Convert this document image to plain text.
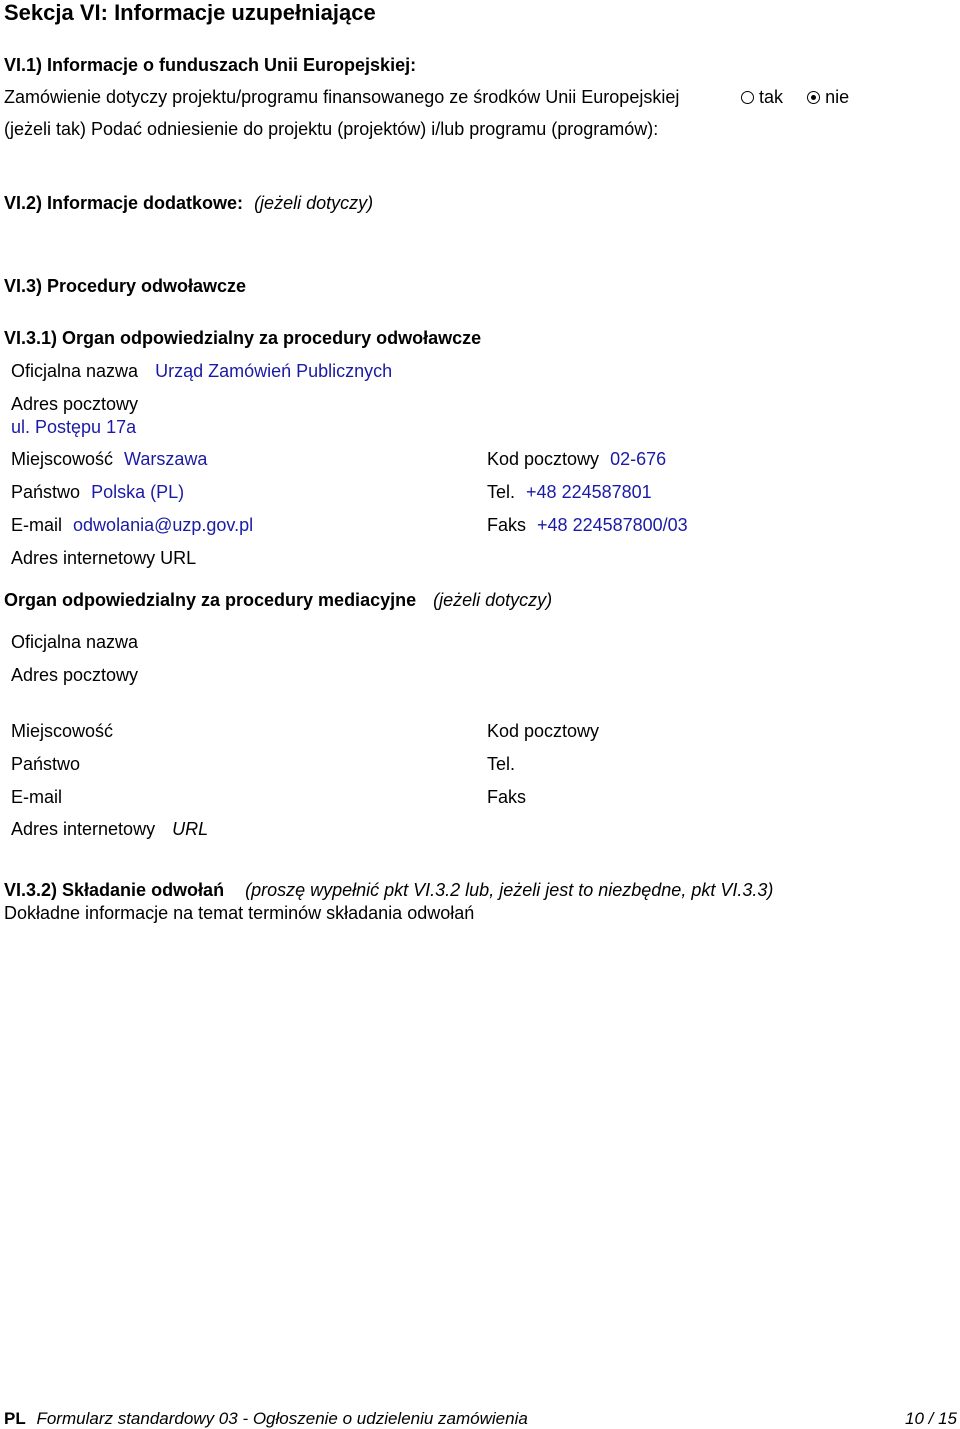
Sekcja VI: Informacje uzupełniające
VI.1) Informacje o funduszach Unii Europejskiej:
Zamówienie dotyczy projektu/programu finansowanego ze środków Unii Europejskiej	tak nie
(jeżeli tak) Podać odniesienie do projektu (projektów) i/lub programu (programów):
VI.2) Informacje dodatkowe: (jeżeli dotyczy)
VI.3) Procedury odwoławcze
VI.3.1) Organ odpowiedzialny za procedury odwoławcze
Oficjalna nazwa Urząd Zamówień Publicznych
Adres pocztowy
ul. Postępu 17a
Miejscowość Warszawa	Kod pocztowy 02-676
Państwo Polska (PL)	Tel. +48 224587801
E-mail odwolania@uzp.gov.pl	Faks +48 224587800/03
Adres internetowy URL
Organ odpowiedzialny za procedury mediacyjne (jeżeli dotyczy)
Oficjalna nazwa
Adres pocztowy
Miejscowość	Kod pocztowy
Państwo	Tel.
E-mail	Faks
Adres internetowy URL
VI.3.2) Składanie odwołań (proszę wypełnić pkt VI.3.2 lub, jeżeli jest to niezbędne, pkt VI.3.3)
Dokładne informacje na temat terminów składania odwołań
PL Formularz standardowy 03 - Ogłoszenie o udzieleniu zamówienia	10 / 15
